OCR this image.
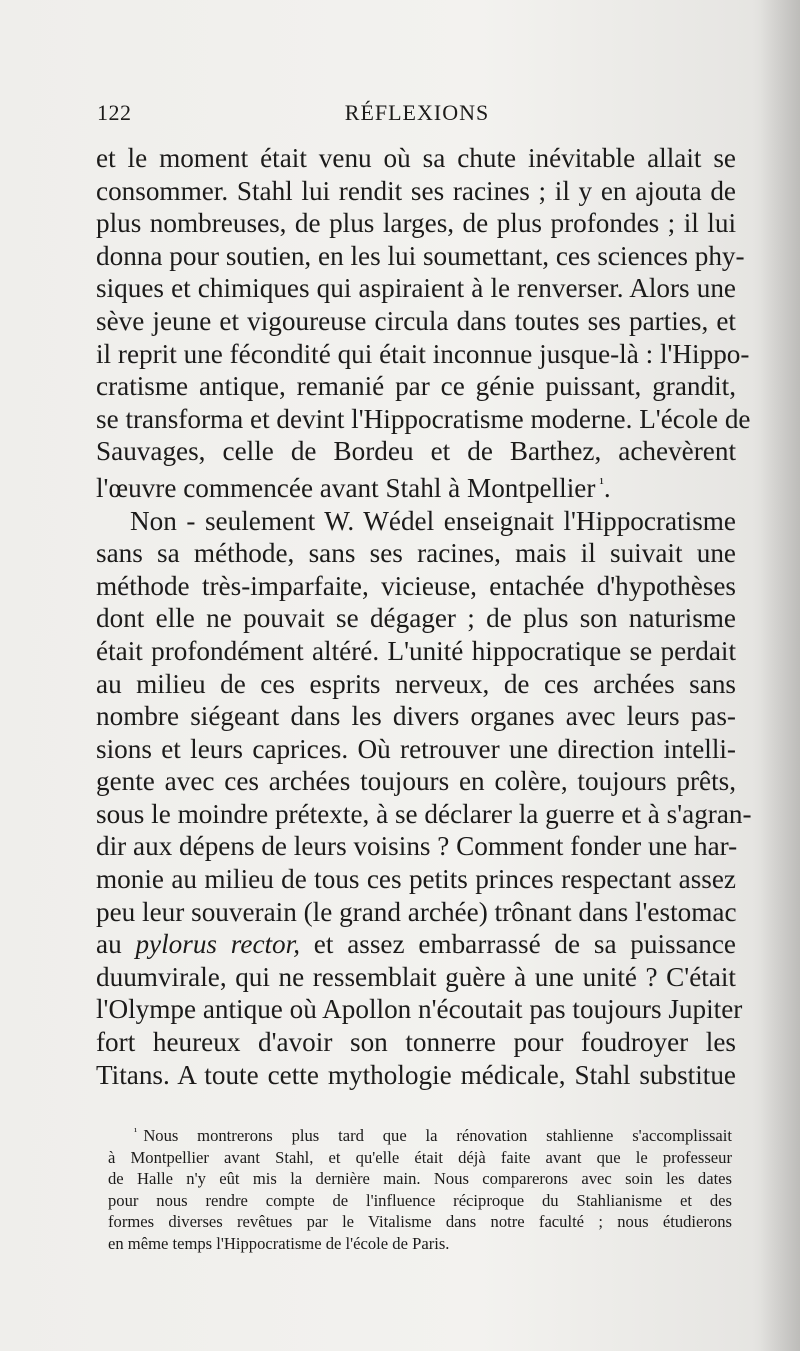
122	RÉFLEXIONS
et le moment était venu où sa chute inévitable allait se
consommer. Stahl lui rendit ses racines ; il y en ajouta de
plus nombreuses, de plus larges, de plus profondes ; il lui
donna pour soutien, en les lui soumettant, ces sciences phy-
siques et chimiques qui aspiraient à le renverser. Alors une
sève jeune et vigoureuse circula dans toutes ses parties, et
il reprit une fécondité qui était inconnue jusque-là : l'Hippo-
cratisme antique, remanié par ce génie puissant, grandit,
se transforma et devint l'Hippocratisme moderne. L'école de
Sauvages, celle de Bordeu et de Barthez, achevèrent
l'œuvre commencée avant Stahl à Montpellier $^{^1}$.
Non - seulement W. Wédel enseignait l'Hippocratisme
sans sa méthode, sans ses racines, mais il suivait une
méthode très-imparfaite, vicieuse, entachée d'hypothèses
dont elle ne pouvait se dégager ; de plus son naturisme
était profondément altéré. L'unité hippocratique se perdait
au milieu de ces esprits nerveux, de ces archées sans
nombre siégeant dans les divers organes avec leurs pas-
sions et leurs caprices. Où retrouver une direction intelli-
gente avec ces archées toujours en colère, toujours prêts,
sous le moindre prétexte, à se déclarer la guerre et à s'agran-
dir aux dépens de leurs voisins ? Comment fonder une har-
monie au milieu de tous ces petits princes respectant assez
peu leur souverain (le grand archée) trônant dans l'estomac
au pylorus rector, et assez embarrassé de sa puissance
duumvirale, qui ne ressemblait guère à une unité ? C'était
l'Olympe antique où Apollon n'écoutait pas toujours Jupiter
fort heureux d'avoir son tonnerre pour foudroyer les
Titans. A toute cette mythologie médicale, Stahl substitue
$^{^1}$ Nous montrerons plus tard que la rénovation stahlienne s'accomplissait
à Montpellier avant Stahl, et qu'elle était déjà faite avant que le professeur
de Halle n'y eût mis la dernière main. Nous comparerons avec soin les dates
pour nous rendre compte de l'influence réciproque du Stahlianisme et des
formes diverses revêtues par le Vitalisme dans notre faculté ; nous étudierons
en même temps l'Hippocratisme de l'école de Paris.
